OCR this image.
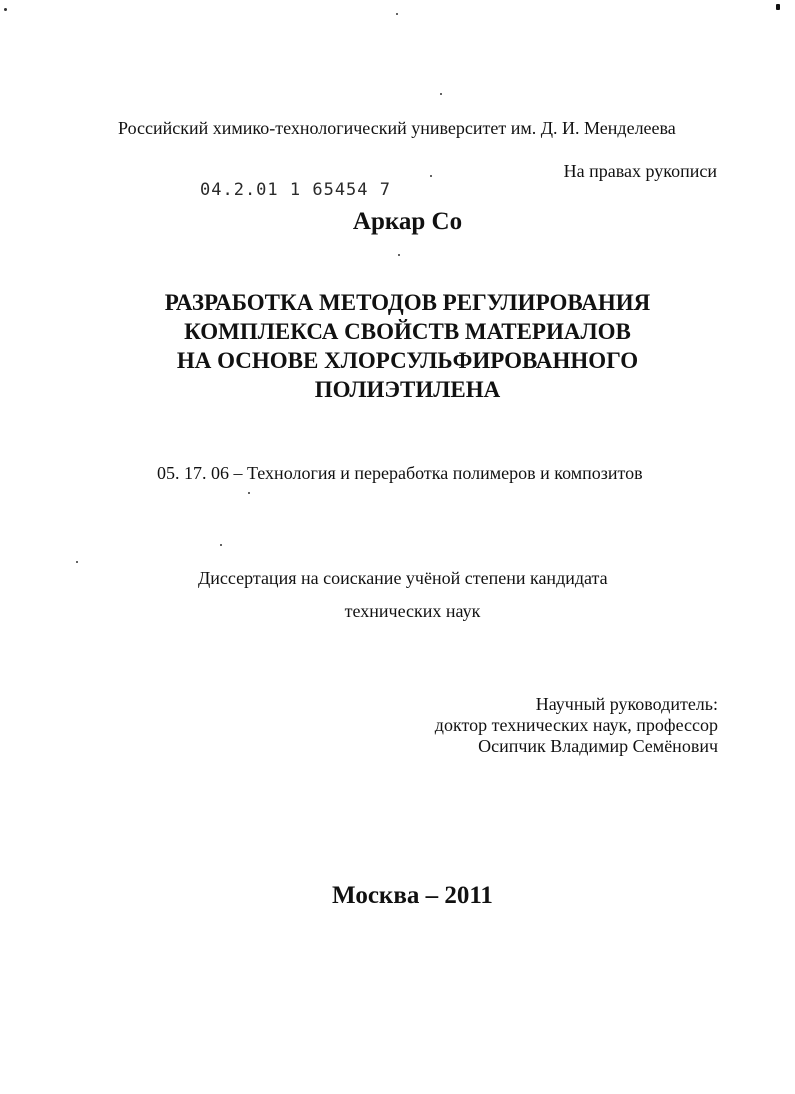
Российский химико-технологический университет им. Д. И. Менделеева
На правах рукописи
04.2.01 1 65454 7
Аркар Со
РАЗРАБОТКА МЕТОДОВ РЕГУЛИРОВАНИЯ
КОМПЛЕКСА СВОЙСТВ МАТЕРИАЛОВ
НА ОСНОВЕ ХЛОРСУЛЬФИРОВАННОГО
ПОЛИЭТИЛЕНА
05. 17. 06 – Технология и переработка полимеров и композитов
Диссертация на соискание учёной степени кандидата
технических наук
Научный руководитель:
доктор технических наук, профессор
Осипчик Владимир Семёнович
Москва – 2011
